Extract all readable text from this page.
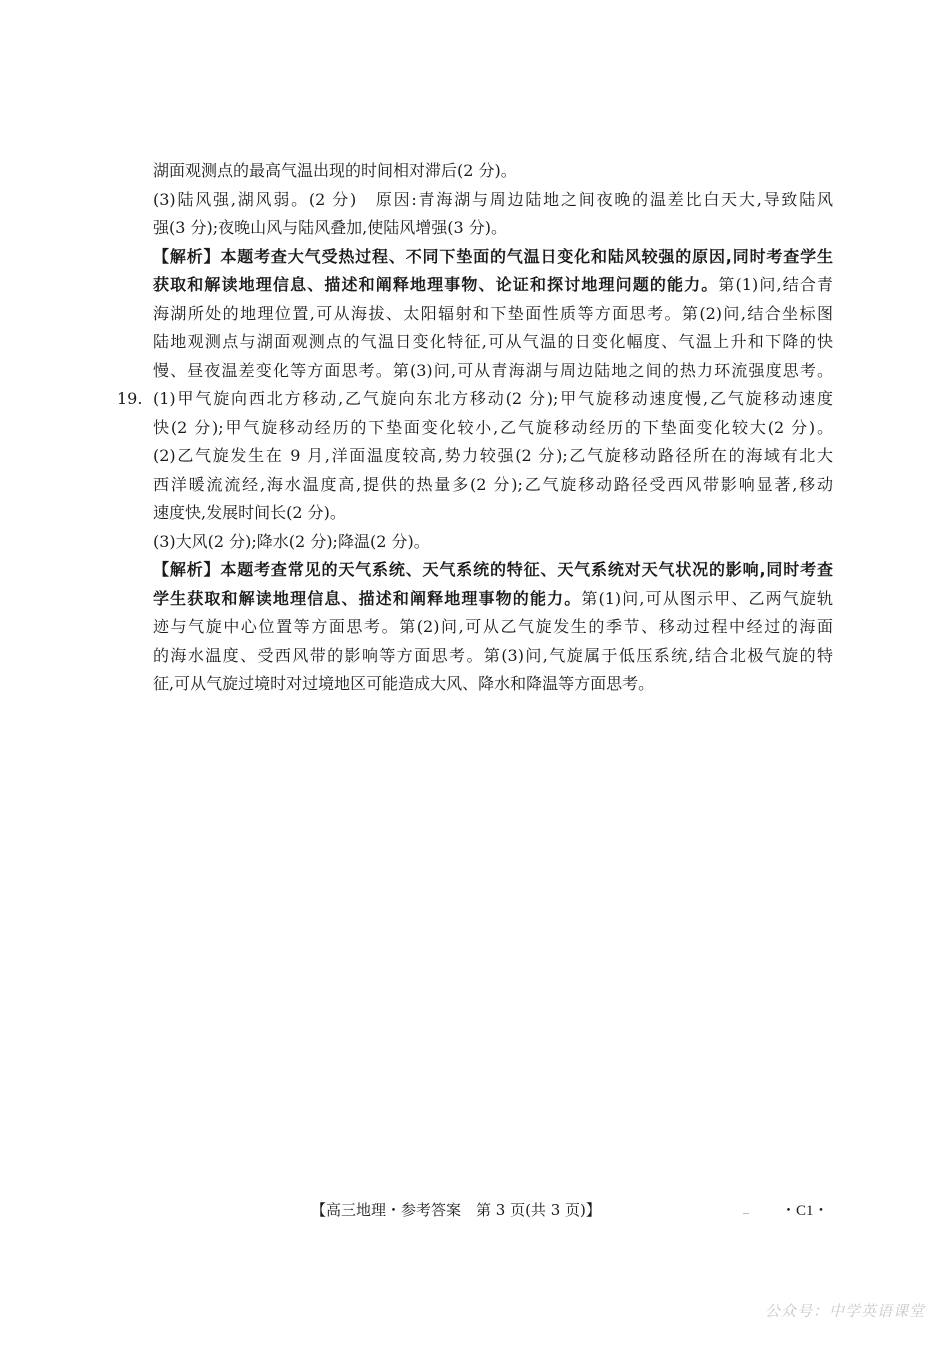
湖面观测点的最高气温出现的时间相对滞后(2 分)。
(3)陆风强,湖风弱。(2 分)　原因:青海湖与周边陆地之间夜晚的温差比白天大,导致陆风
强(3 分);夜晚山风与陆风叠加,使陆风增强(3 分)。
【解析】本题考查大气受热过程、不同下垫面的气温日变化和陆风较强的原因,同时考查学生
获取和解读地理信息、描述和阐释地理事物、论证和探讨地理问题的能力。第(1)问,结合青
海湖所处的地理位置,可从海拔、太阳辐射和下垫面性质等方面思考。第(2)问,结合坐标图
陆地观测点与湖面观测点的气温日变化特征,可从气温的日变化幅度、气温上升和下降的快
慢、昼夜温差变化等方面思考。第(3)问,可从青海湖与周边陆地之间的热力环流强度思考。
19. (1)甲气旋向西北方移动,乙气旋向东北方移动(2 分);甲气旋移动速度慢,乙气旋移动速度
快(2 分);甲气旋移动经历的下垫面变化较小,乙气旋移动经历的下垫面变化较大(2 分)。
(2)乙气旋发生在 9 月,洋面温度较高,势力较强(2 分);乙气旋移动路径所在的海域有北大
西洋暖流流经,海水温度高,提供的热量多(2 分);乙气旋移动路径受西风带影响显著,移动
速度快,发展时间长(2 分)。
(3)大风(2 分);降水(2 分);降温(2 分)。
【解析】本题考查常见的天气系统、天气系统的特征、天气系统对天气状况的影响,同时考查
学生获取和解读地理信息、描述和阐释地理事物的能力。第(1)问,可从图示甲、乙两气旋轨
迹与气旋中心位置等方面思考。第(2)问,可从乙气旋发生的季节、移动过程中经过的海面
的海水温度、受西风带的影响等方面思考。第(3)问,气旋属于低压系统,结合北极气旋的特
征,可从气旋过境时对过境地区可能造成大风、降水和降温等方面思考。
【高三地理・参考答案　第 3 页(共 3 页)】	・C1・
公众号：中学英语课堂
